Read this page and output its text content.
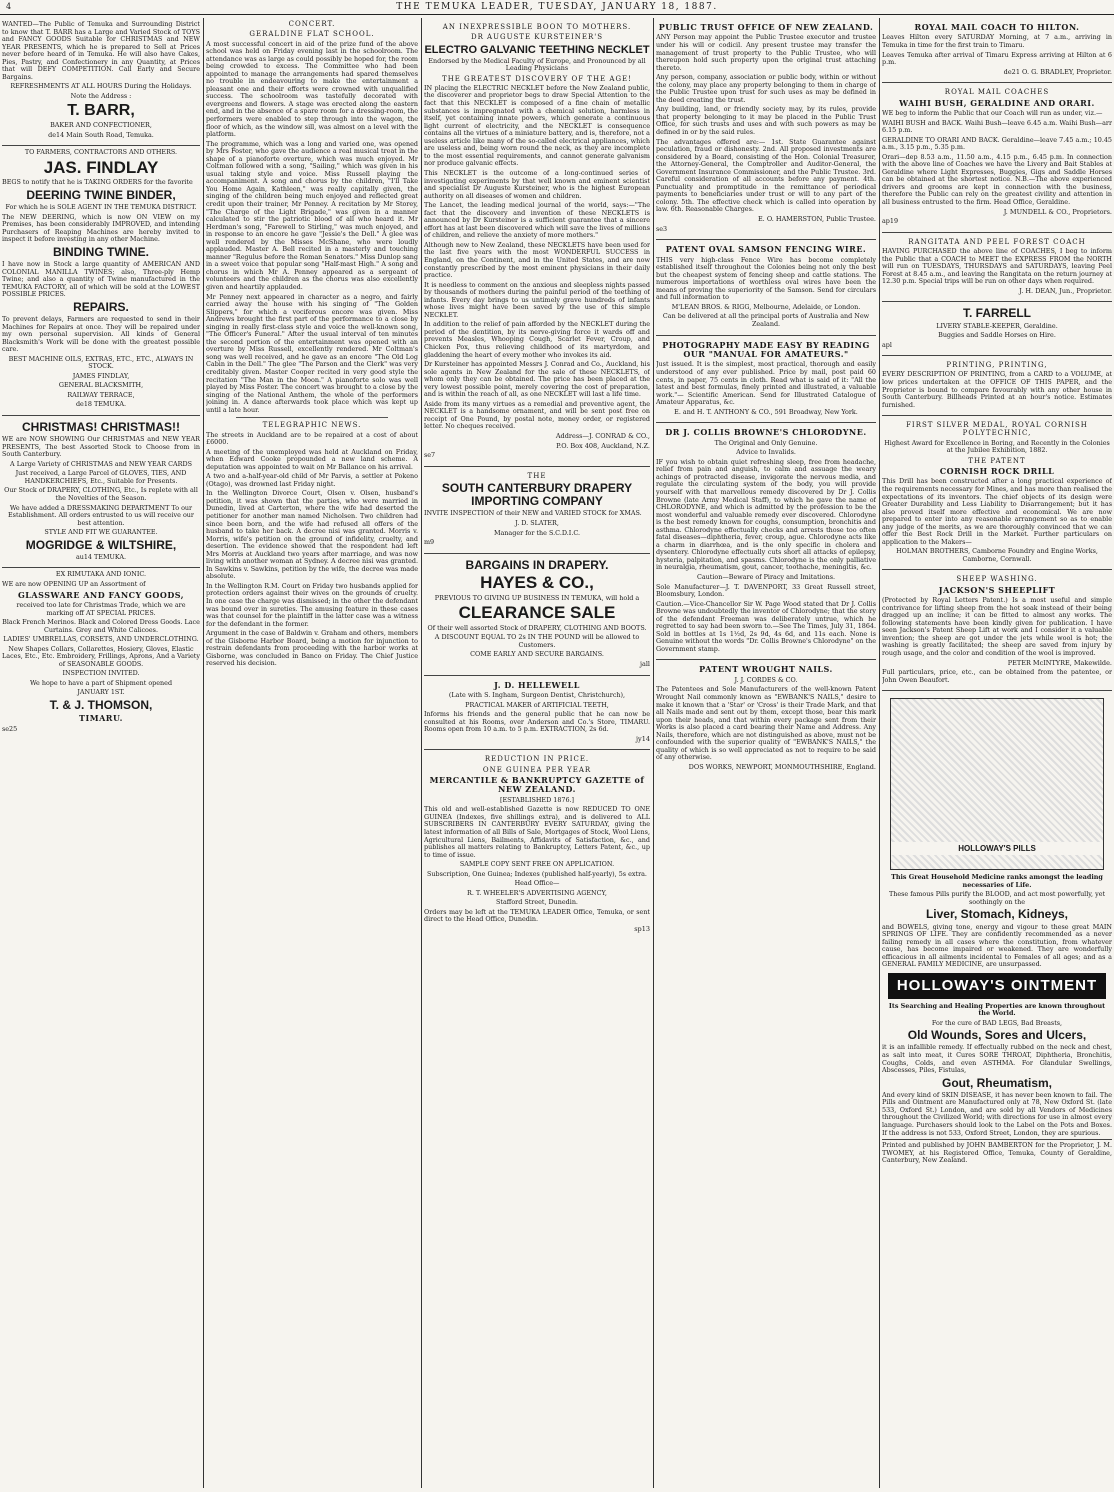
4	THE TEMUKA LEADER, TUESDAY, JANUARY 18, 1887.

WANTED—The Public of Temuka and Surrounding District to know that T. BARR has a Large and Varied Stock of TOYS and FANCY GOODS Suitable for CHRISTMAS and NEW YEAR PRESENTS, which he is prepared to Sell at Prices never before heard of in Temuka. He will also have Cakes, Pies, Pastry, and Confectionery in any Quantity, at Prices that will DEFY COMPETITION. Call Early and Secure Bargains.

REFRESHMENTS AT ALL HOURS During the Holidays.

Note the Address :

T. BARR,

BAKER AND CONFECTIONER,

de14 Main South Road, Temuka.

TO FARMERS, CONTRACTORS AND OTHERS.

JAS. FINDLAY

BEGS to notify that he is TAKING ORDERS for the favorite

DEERING TWINE BINDER,

For which he is SOLE AGENT IN THE TEMUKA DISTRICT.

The NEW DEERING, which is now ON VIEW on my Premises, has been considerably IMPROVED, and intending Purchasers of Reaping Machines are hereby invited to inspect it before investing in any other Machine.

BINDING TWINE.

I have now in Stock a large quantity of AMERICAN AND COLONIAL MANILLA TWINES; also, Three-ply Hemp Twine; and also a quantity of Twine manufactured in the TEMUKA FACTORY, all of which will be sold at the LOWEST POSSIBLE PRICES.

REPAIRS.

To prevent delays, Farmers are requested to send in their Machines for Repairs at once. They will be repaired under my own personal supervision. All kinds of General Blacksmith's Work will be done with the greatest possible care.

BEST MACHINE OILS, EXTRAS, ETC., ETC., ALWAYS IN STOCK.

JAMES FINDLAY,

GENERAL BLACKSMITH,

RAILWAY TERRACE,

de18 TEMUKA.

CHRISTMAS! CHRISTMAS!!

WE are NOW SHOWING Our CHRISTMAS and NEW YEAR PRESENTS, The best Assorted Stock to Choose from in South Canterbury.

A Large Variety of CHRISTMAS and NEW YEAR CARDS

Just received, a Large Parcel of GLOVES, TIES, AND HANDKERCHIEFS, Etc., Suitable for Presents.

Our Stock of DRAPERY, CLOTHING, Etc., Is replete with all the Novelties of the Season.

We have added a DRESSMAKING DEPARTMENT To our Establishment. All orders entrusted to us will receive our best attention.

STYLE AND FIT WE GUARANTEE.

MOGRIDGE & WILTSHIRE,

au14 TEMUKA.

EX RIMUTAKA AND IONIC.

WE are now OPENING UP an Assortment of

GLASSWARE AND FANCY GOODS,

received too late for Christmas Trade, which we are marking off AT SPECIAL PRICES.

Black French Merinos. Black and Colored Dress Goods. Lace Curtains. Grey and White Calicoes.

LADIES' UMBRELLAS, CORSETS, AND UNDERCLOTHING.

New Shapes Collars, Collarettes, Hosiery, Gloves, Elastic Laces, Etc., Etc. Embroidery, Frillings, Aprons, And a Variety of SEASONABLE GOODS.

INSPECTION INVITED.

We hope to have a part of Shipment opened

JANUARY 1ST.

T. & J. THOMSON,
TIMARU.

se25

CONCERT.
GERALDINE FLAT SCHOOL.

A most successful concert in aid of the prize fund of the above school was held on Friday evening last in the schoolroom. The attendance was as large as could possibly be hoped for, the room being crowded to excess. The Committee who had been appointed to manage the arrangements had spared themselves no trouble in endeavouring to make the entertainment a pleasant one and their efforts were crowned with unqualified success. The schoolroom was tastefully decorated with evergreens and flowers. A stage was erected along the eastern end, and in the absence of a spare room for a dressing-room, the performers were enabled to step through into the wagon, the floor of which, as the window sill, was almost on a level with the platform.

The programme, which was a long and varied one, was opened by Mrs Foster, who gave the audience a real musical treat in the shape of a pianoforte overture, which was much enjoyed. Mr Coltman followed with a song, "Sailing," which was given in his usual taking style and voice. Miss Russell playing the accompaniment. A song and chorus by the children, "I'll Take You Home Again, Kathleen," was really capitally given, the singing of the children being much enjoyed and reflected great credit upon their trainer, Mr Penney. A recitation by Mr Storey, "The Charge of the Light Brigade," was given in a manner calculated to stir the patriotic blood of all who heard it. Mr Herdman's song, "Farewell to Stirling," was much enjoyed, and in response to an encore he gave "Jessie's the Dell." A glee was well rendered by the Misses McShane, who were loudly applauded. Master A. Bell recited in a masterly and touching manner "Regulus before the Roman Senators." Miss Dunlop sang in a sweet voice that popular song "Half-mast High." A song and chorus in which Mr A. Penney appeared as a sergeant of volunteers and the children as the chorus was also excellently given and heartily applauded.

Mr Penney next appeared in character as a negro, and fairly carried away the house with his singing of "The Golden Slippers," for which a vociferous encore was given. Miss Andrews brought the first part of the performance to a close by singing in really first-class style and voice the well-known song, "The Officer's Funeral." After the usual interval of ten minutes the second portion of the entertainment was opened with an overture by Miss Russell, excellently rendered. Mr Coltman's song was well received, and he gave as an encore "The Old Log Cabin in the Dell." The glee "The Parson and the Clerk" was very creditably given. Master Cooper recited in very good style the recitation "The Man in the Moon." A pianoforte solo was well played by Miss Foster. The concert was brought to a close by the singing of the National Anthem, the whole of the performers joining in. A dance afterwards took place which was kept up until a late hour.

TELEGRAPHIC NEWS.

The streets in Auckland are to be repaired at a cost of about £6000.

A meeting of the unemployed was held at Auckland on Friday, when Edward Cooke propounded a new land scheme. A deputation was appointed to wait on Mr Ballance on his arrival.

A two and a-half-year-old child of Mr Parvis, a settler at Pokeno (Otago), was drowned last Friday night.

In the Wellington Divorce Court, Olsen v. Olsen, husband's petition, it was shown that the parties, who were married in Dunedin, lived at Carterton, where the wife had deserted the petitioner for another man named Nicholsen. Two children had since been born, and the wife had refused all offers of the husband to take her back. A decree nisi was granted. Morris v. Morris, wife's petition on the ground of infidelity, cruelty, and desertion. The evidence showed that the respondent had left Mrs Morris at Auckland two years after marriage, and was now living with another woman at Sydney. A decree nisi was granted. In Sawkins v. Sawkins, petition by the wife, the decree was made absolute.

In the Wellington R.M. Court on Friday two husbands applied for protection orders against their wives on the grounds of cruelty. In one case the charge was dismissed; in the other the defendant was bound over in sureties. The amusing feature in these cases was that counsel for the plaintiff in the latter case was a witness for the defendant in the former.

Argument in the case of Baldwin v. Graham and others, members of the Gisborne Harbor Board, being a motion for injunction to restrain defendants from proceeding with the harbor works at Gisborne, was concluded in Banco on Friday. The Chief Justice reserved his decision.

AN INEXPRESSIBLE BOON TO MOTHERS.
DR AUGUSTE KURSTEINER'S
ELECTRO GALVANIC TEETHING NECKLET

Endorsed by the Medical Faculty of Europe, and Pronounced by all Leading Physicians

THE GREATEST DISCOVERY OF THE AGE!

IN placing the ELECTRIC NECKLET before the New Zealand public, the discoverer and proprietor begs to draw Special Attention to the fact that this NECKLET is composed of a fine chain of metallic substances is impregnated with a chemical solution, harmless in itself, yet containing innate powers, which generate a continuous light current of electricity, and the NECKLET is consequence contains all the virtues of a miniature battery, and is, therefore, not a useless article like many of the so-called electrical appliances, which are useless and, being worn round the neck, as they are incomplete to the most essential requirements, and cannot generate galvanism nor produce galvanic effects.

This NECKLET is the outcome of a long-continued series of investigating experiments by that well known and eminent scientist and specialist Dr Auguste Kursteiner, who is the highest European authority on all diseases of women and children.

The Lancet, the leading medical journal of the world, says:—"The fact that the discovery and invention of these NECKLETS is announced by Dr Kursteiner is a sufficient guarantee that a sincere effort has at last been discovered which will save the lives of millions of children, and relieve the anxiety of more mothers."

Although new to New Zealand, these NECKLETS have been used for the last five years with the most WONDERFUL SUCCESS in England, on the Continent, and in the United States, and are now constantly prescribed by the most eminent physicians in their daily practice.

It is needless to comment on the anxious and sleepless nights passed by thousands of mothers during the painful period of the teething of infants. Every day brings to us untimely grave hundreds of infants whose lives might have been saved by the use of this simple NECKLET.

In addition to the relief of pain afforded by the NECKLET during the period of the dentition, by its nerve-giving force it wards off and prevents Measles, Whooping Cough, Scarlet Fever, Croup, and Chicken Pox, thus relieving childhood of its martyrdom, and gladdening the heart of every mother who invokes its aid.

Dr Kursteiner has appointed Messrs J. Conrad and Co., Auckland, his sole agents in New Zealand for the sale of these NECKLETS, of whom only they can be obtained. The price has been placed at the very lowest possible point, merely covering the cost of preparation, and is within the reach of all, as one NECKLET will last a life time.

Aside from its many virtues as a remedial and preventive agent, the NECKLET is a handsome ornament, and will be sent post free on receipt of One Pound, by postal note, money order, or registered letter. No cheques received.

Address—J. CONRAD & CO.,

P.O. Box 408, Auckland, N.Z.

se7

THE
SOUTH CANTERBURY DRAPERY IMPORTING COMPANY

INVITE INSPECTION of their NEW and VARIED STOCK for XMAS.

J. D. SLATER,

Manager for the S.C.D.I.C.

m9

BARGAINS IN DRAPERY.
HAYES & CO.,

PREVIOUS TO GIVING UP BUSINESS IN TEMUKA, will hold a

CLEARANCE SALE

Of their well assorted Stock of DRAPERY, CLOTHING AND BOOTS.

A DISCOUNT EQUAL TO 2s IN THE POUND will be allowed to Customers.

COME EARLY AND SECURE BARGAINS.

jall

J. D. HELLEWELL

(Late with S. Ingham, Surgeon Dentist, Christchurch),

PRACTICAL MAKER of ARTIFICIAL TEETH,

Informs his friends and the general public that he can now be consulted at his Rooms, over Anderson and Co.'s Store, TIMARU. Rooms open from 10 a.m. to 5 p.m. EXTRACTION, 2s 6d.

jy14

REDUCTION IN PRICE.
ONE GUINEA PER YEAR
MERCANTILE & BANKRUPTCY GAZETTE of NEW ZEALAND.

[ESTABLISHED 1876.]

This old and well-established Gazette is now REDUCED TO ONE GUINEA (Indexes, five shillings extra), and is delivered to ALL SUBSCRIBERS IN CANTERBURY EVERY SATURDAY, giving the latest information of all Bills of Sale, Mortgages of Stock, Wool Liens, Agricultural Liens, Bailments, Affidavits of Satisfaction, &c., and publishes all matters relating to Bankruptcy, Letters Patent, &c., up to time of issue.

SAMPLE COPY SENT FREE ON APPLICATION.

Subscription, One Guinea; Indexes (published half-yearly), 5s extra.

Head Office—

R. T. WHEELER'S ADVERTISING AGENCY,

Stafford Street, Dunedin.

Orders may be left at the TEMUKA LEADER Office, Temuka, or sent direct to the Head Office, Dunedin.

sp13

PUBLIC TRUST OFFICE OF NEW ZEALAND.

ANY Person may appoint the Public Trustee executor and trustee under his will or codicil. Any present trustee may transfer the management of trust property to the Public Trustee, who will thereupon hold such property upon the original trust attaching thereto.

Any person, company, association or public body, within or without the colony, may place any property belonging to them in charge of the Public Trustee upon trust for such uses as may be defined in the deed creating the trust.

Any building, land, or friendly society may, by its rules, provide that property belonging to it may be placed in the Public Trust Office, for such trusts and uses and with such powers as may be defined in or by the said rules.

The advantages offered are:— 1st. State Guarantee against peculation, fraud or dishonesty. 2nd. All proposed investments are considered by a Board, consisting of the Hon. Colonial Treasurer, the Attorney-General, the Comptroller and Auditor-General, the Government Insurance Commissioner, and the Public Trustee. 3rd. Careful consideration of all accounts before any payment. 4th. Punctuality and promptitude in the remittance of periodical payments to beneficiaries under trust or will to any part of the colony. 5th. The effective check which is called into operation by law. 6th. Reasonable Charges.

E. O. HAMERSTON, Public Trustee.

se3

PATENT OVAL SAMSON FENCING WIRE.

THIS very high-class Fence Wire has become completely established itself throughout the Colonies being not only the best but the cheapest system of fencing sheep and cattle stations. The numerous importations of worthless oval wires have been the means of proving the superiority of the Samson. Send for circulars and full information to

M'LEAN BROS. & RIGG, Melbourne, Adelaide, or London.

Can be delivered at all the principal ports of Australia and New Zealand.

PHOTOGRAPHY MADE EASY BY READING OUR "MANUAL FOR AMATEURS."

Just issued. It is the simplest, most practical, thorough and easily understood of any ever published. Price by mail, post paid 60 cents, in paper, 75 cents in cloth. Read what is said of it: "All the latest and best formulas, finely printed and illustrated, a valuable work."— Scientific American. Send for Illustrated Catalogue of Amateur Apparatus, &c.

E. and H. T. ANTHONY & CO., 591 Broadway, New York.

DR J. COLLIS BROWNE'S CHLORODYNE.

The Original and Only Genuine.

Advice to Invalids.

IF you wish to obtain quiet refreshing sleep, free from headache, relief from pain and anguish, to calm and assuage the weary achings of protracted disease, invigorate the nervous media, and regulate the circulating system of the body, you will provide yourself with that marvellous remedy discovered by Dr J. Collis Browne (late Army Medical Staff), to which he gave the name of CHLORODYNE, and which is admitted by the profession to be the most wonderful and valuable remedy ever discovered. Chlorodyne is the best remedy known for coughs, consumption, bronchitis and asthma. Chlorodyne effectually checks and arrests those too often fatal diseases—diphtheria, fever, croup, ague. Chlorodyne acts like a charm in diarrhœa, and is the only specific in cholera and dysentery. Chlorodyne effectually cuts short all attacks of epilepsy, hysteria, palpitation, and spasms. Chlorodyne is the only palliative in neuralgia, rheumatism, gout, cancer, toothache, meningitis, &c.

Caution—Beware of Piracy and Imitations.

Sole Manufacturer—J. T. DAVENPORT, 33 Great Russell street, Bloomsbury, London.

Caution.—Vice-Chancellor Sir W. Page Wood stated that Dr J. Collis Browne was undoubtedly the inventor of Chlorodyne; that the story of the defendant Freeman was deliberately untrue, which he regretted to say had been sworn to.—See The Times, July 31, 1864. Sold in bottles at 1s 1½d, 2s 9d, 4s 6d, and 11s each. None is Genuine without the words "Dr. Collis Browne's Chlorodyne" on the Government stamp.

PATENT WROUGHT NAILS.

J. J. CORDES & CO.

The Patentees and Sole Manufacturers of the well-known Patent Wrought Nail commonly known as "EWBANK'S NAILS," desire to make it known that a 'Star' or 'Cross' is their Trade Mark, and that all Nails made and sent out by them, except those, bear this mark upon their heads, and that within every package sent from their Works is also placed a card bearing their Name and Address. Any Nails, therefore, which are not distinguished as above, must not be confounded with the superior quality of "EWBANK'S NAILS," the quality of which is so well appreciated as not to require to be said of any otherwise.

DOS WORKS, NEWPORT, MONMOUTHSHIRE, England.

ROYAL MAIL COACH TO HILTON.

Leaves Hilton every SATURDAY Morning, at 7 a.m., arriving in Temuka in time for the first train to Timaru.

Leaves Temuka after arrival of Timaru Express arriving at Hilton at 6 p.m.

de21 O. G. BRADLEY, Proprietor.

ROYAL MAIL COACHES
WAIHI BUSH, GERALDINE AND ORARI.

WE beg to inform the Public that our Coach will run as under, viz.—

WAIHI BUSH and BACK. Waihi Bush—leave 6.45 a.m. Waihi Bush—arr 6.15 p.m.

GERALDINE TO ORARI AND BACK. Geraldine—leave 7.45 a.m.; 10.45 a.m., 3.15 p.m., 5.35 p.m.

Orari—dep 8.53 a.m., 11.50 a.m., 4.15 p.m., 6.45 p.m. In connection with the above line of Coaches we have the Livery and Bait Stables at Geraldine where Light Expresses, Buggies, Gigs and Saddle Horses can be obtained at the shortest notice. N.B.—The above experienced drivers and grooms are kept in connection with the business, therefore the Public can rely on the greatest civility and attention in all business entrusted to the firm. Head Office, Geraldine.

J. MUNDELL & CO., Proprietors.

ap19

RANGITATA AND PEEL FOREST COACH

HAVING PURCHASED the above line of COACHES, I beg to inform the Public that a COACH to MEET the EXPRESS FROM the NORTH will run on TUESDAYS, THURSDAYS and SATURDAYS, leaving Peel Forest at 8.45 a.m., and leaving the Rangitata on the return journey at 12.30 p.m. Special trips will be run on other days when required.

J. H. DEAN, Jun., Proprietor.

T. FARRELL

LIVERY STABLE-KEEPER, Geraldine.

Buggies and Saddle Horses on Hire.

apl

PRINTING, PRINTING,

EVERY DESCRIPTION OF PRINTING, from a CARD to a VOLUME, at low prices undertaken at the OFFICE OF THIS PAPER, and the Proprietor is bound to compare favourably with any other house in South Canterbury. Billheads Printed at an hour's notice. Estimates furnished.

FIRST SILVER MEDAL, ROYAL CORNISH POLYTECHNIC,

Highest Award for Excellence in Boring, and Recently in the Colonies at the Jubilee Exhibition, 1882.

THE PATENT
CORNISH ROCK DRILL

This Drill has been constructed after a long practical experience of the requirements necessary for Mines, and has more than realised the expectations of its inventors. The chief objects of its design were Greater Durability and Less Liability to Disarrangement; but it has also proved itself more effective and economical. We are now prepared to enter into any reasonable arrangement so as to enable any judge of the merits, as we are thoroughly convinced that we can offer the Best Rock Drill in the Market. Further particulars on application to the Makers—

HOLMAN BROTHERS, Camborne Foundry and Engine Works, Camborne, Cornwall.

SHEEP WASHING.
JACKSON'S SHEEPLIFT

(Protected by Royal Letters Patent.) Is a most useful and simple contrivance for lifting sheep from the hot soak instead of their being dragged up an incline; it can be fitted to almost any works. The following statements have been kindly given for publication. I have seen Jackson's Patent Sheep Lift at work and I consider it a valuable invention; the sheep are got under the jets while wool is hot; the washing is greatly facilitated; the sheep are saved from injury by rough usage, and the color and condition of the wool is improved.

PETER McINTYRE, Makewilde.

Full particulars, price, etc., can be obtained from the patentee, or John Owen Beaufort.

HOLLOWAY'S PILLS

This Great Household Medicine ranks amongst the leading necessaries of Life.

These famous Pills purify the BLOOD, and act most powerfully, yet soothingly on the

Liver, Stomach, Kidneys,

and BOWELS, giving tone, energy and vigour to these great MAIN SPRINGS OF LIFE. They are confidently recommended as a never failing remedy in all cases where the constitution, from whatever cause, has become impaired or weakened. They are wonderfully efficacious in all ailments incidental to Females of all ages; and as a GENERAL FAMILY MEDICINE, are unsurpassed.

HOLLOWAY'S OINTMENT

Its Searching and Healing Properties are known throughout the World.

For the cure of BAD LEGS, Bad Breasts,

Old Wounds, Sores and Ulcers,

it is an infallible remedy. If effectually rubbed on the neck and chest, as salt into meat, it Cures SORE THROAT, Diphtheria, Bronchitis, Coughs, Colds, and even ASTHMA. For Glandular Swellings, Abscesses, Piles, Fistulas,

Gout, Rheumatism,

And every kind of SKIN DISEASE, it has never been known to fail. The Pills and Ointment are Manufactured only at 78, New Oxford St. (late 533, Oxford St.) London, and are sold by all Vendors of Medicines throughout the Civilized World; with directions for use in almost every language. Purchasers should look to the Label on the Pots and Boxes. If the address is not 533, Oxford Street, London, they are spurious.

Printed and published by JOHN BAMBERTON for the Proprietor, J. M. TWOMEY, at his Registered Office, Temuka, County of Geraldine, Canterbury, New Zealand.
